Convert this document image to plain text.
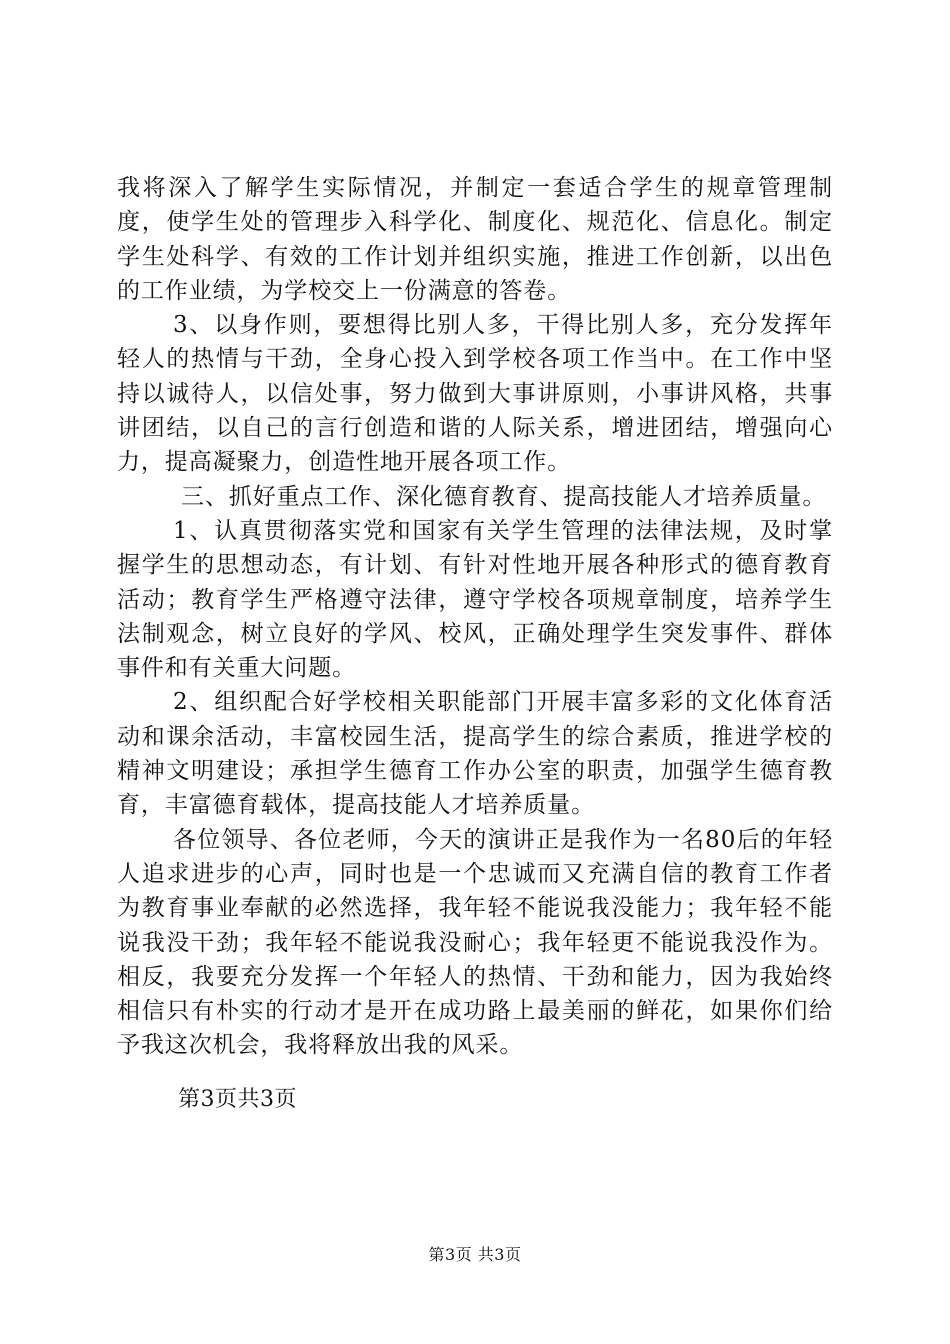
我将深入了解学生实际情况，并制定一套适合学生的规章管理制度，使学生处的管理步入科学化、制度化、规范化、信息化。制定学生处科学、有效的工作计划并组织实施，推进工作创新，以出色的工作业绩，为学校交上一份满意的答卷。

3、以身作则，要想得比别人多，干得比别人多，充分发挥年轻人的热情与干劲，全身心投入到学校各项工作当中。在工作中坚持以诚待人，以信处事，努力做到大事讲原则，小事讲风格，共事讲团结，以自己的言行创造和谐的人际关系，增进团结，增强向心力，提高凝聚力，创造性地开展各项工作。

三、抓好重点工作、深化德育教育、提高技能人才培养质量。

1、认真贯彻落实党和国家有关学生管理的法律法规，及时掌握学生的思想动态，有计划、有针对性地开展各种形式的德育教育活动；教育学生严格遵守法律，遵守学校各项规章制度，培养学生法制观念，树立良好的学风、校风，正确处理学生突发事件、群体事件和有关重大问题。

2、组织配合好学校相关职能部门开展丰富多彩的文化体育活动和课余活动，丰富校园生活，提高学生的综合素质，推进学校的精神文明建设；承担学生德育工作办公室的职责，加强学生德育教育，丰富德育载体，提高技能人才培养质量。

各位领导、各位老师，今天的演讲正是我作为一名80后的年轻人追求进步的心声，同时也是一个忠诚而又充满自信的教育工作者为教育事业奉献的必然选择，我年轻不能说我没能力；我年轻不能说我没干劲；我年轻不能说我没耐心；我年轻更不能说我没作为。相反，我要充分发挥一个年轻人的热情、干劲和能力，因为我始终相信只有朴实的行动才是开在成功路上最美丽的鲜花，如果你们给予我这次机会，我将释放出我的风采。

第3页共3页

第3页 共3页
